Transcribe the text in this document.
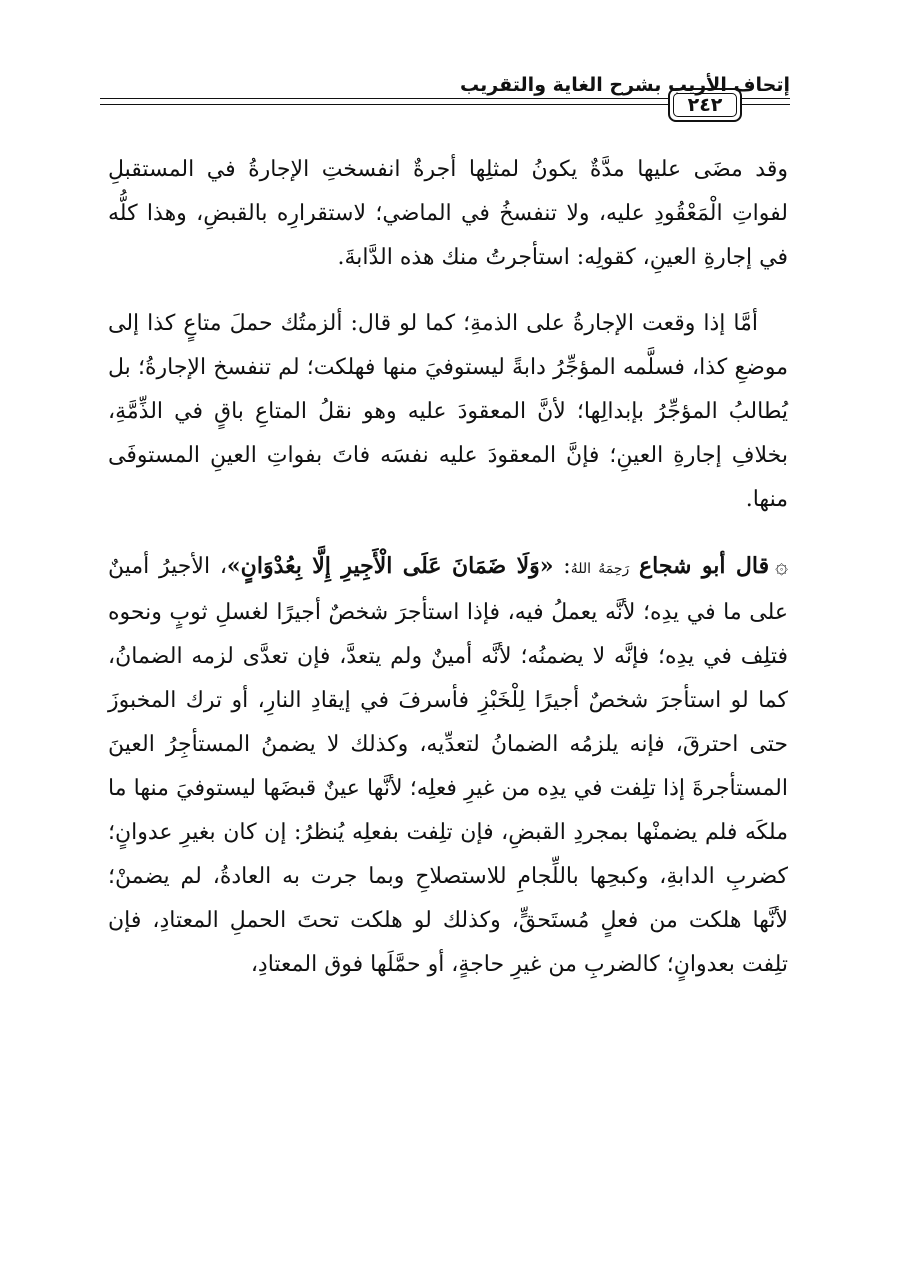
إتحاف الأريب بشرح الغاية والتقريب
٢٤٢

وقد مضَى عليها مدَّةٌ يكونُ لمثلِها أجرةٌ انفسختِ الإجارةُ في المستقبلِ لفواتِ الْمَعْقُودِ عليه، ولا تنفسخُ في الماضي؛ لاستقرارِه بالقبضِ، وهذا كلُّه في إجارةِ العينِ، كقولِه: استأجرتُ منك هذه الدَّابةَ.

أمَّا إذا وقعت الإجارةُ على الذمةِ؛ كما لو قال: ألزمتُك حملَ متاعٍ كذا إلى موضعِ كذا، فسلَّمه المؤجِّرُ دابةً ليستوفيَ منها فهلكت؛ لم تنفسخ الإجارةُ؛ بل يُطالبُ المؤجِّرُ بإبدالِها؛ لأنَّ المعقودَ عليه وهو نقلُ المتاعِ باقٍ في الذِّمَّةِ، بخلافِ إجارةِ العينِ؛ فإنَّ المعقودَ عليه نفسَه فاتَ بفواتِ العينِ المستوفَى منها.

۞قال أبو شجاع رَحِمَهُ اللهُ: «وَلَا ضَمَانَ عَلَى الْأَجِيرِ إِلَّا بِعُدْوَانٍ»، الأجيرُ أمينٌ على ما في يدِه؛ لأنَّه يعملُ فيه، فإذا استأجرَ شخصٌ أجيرًا لغسلِ ثوبٍ ونحوه فتلِف في يدِه؛ فإنَّه لا يضمنُه؛ لأنَّه أمينٌ ولم يتعدَّ، فإن تعدَّى لزمه الضمانُ، كما لو استأجرَ شخصٌ أجيرًا لِلْخَبْزِ فأسرفَ في إيقادِ النارِ، أو ترك المخبوزَ حتى احترقَ، فإنه يلزمُه الضمانُ لتعدِّيه، وكذلك لا يضمنُ المستأجِرُ العينَ المستأجرةَ إذا تلِفت في يدِه من غيرِ فعلِه؛ لأنَّها عينٌ قبضَها ليستوفيَ منها ما ملكَه فلم يضمنْها بمجردِ القبضِ، فإن تلِفت بفعلِه يُنظرُ: إن كان بغيرِ عدوانٍ؛ كضربِ الدابةِ، وكبحِها باللِّجامِ للاستصلاحِ وبما جرت به العادةُ، لم يضمنْ؛ لأنَّها هلكت من فعلٍ مُستَحقٍّ، وكذلك لو هلكت تحتَ الحملِ المعتادِ، فإن تلِفت بعدوانٍ؛ كالضربِ من غيرِ حاجةٍ، أو حمَّلَها فوق المعتادِ،
